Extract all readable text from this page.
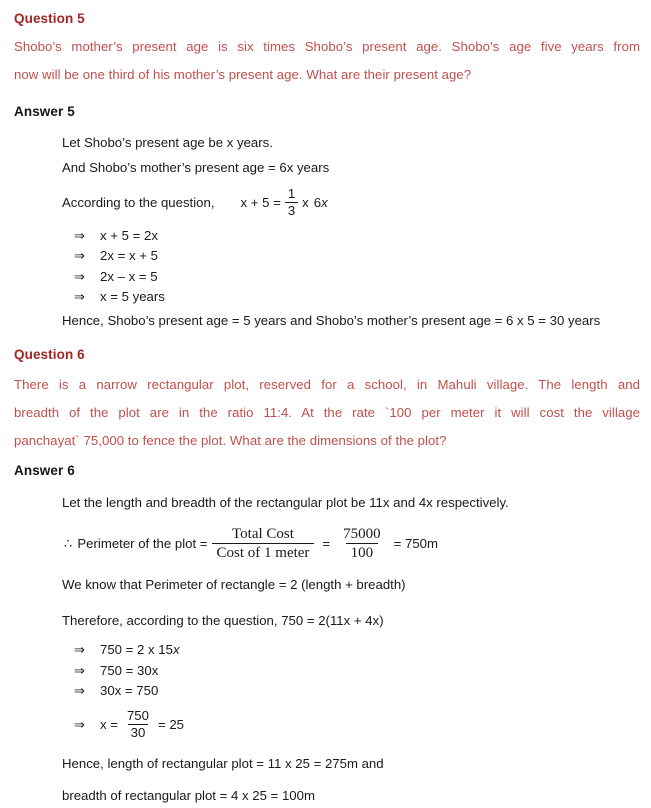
Question 5
Shobo’s mother’s present age is six times Shobo’s present age. Shobo’s age five years from
now will be one third of his mother’s present age. What are their present age?
Answer 5
Let Shobo’s present age be x years.
And Shobo’s mother’s present age = 6x years
According to the question, $x + 5 = \frac{1}{3}$ x 6 x
⇒	x + 5 = 2x
⇒	2x = x + 5
⇒	2x – x = 5
⇒	x = 5 years
Hence, Shobo’s present age = 5 years and Shobo’s mother’s present age = 6 x 5 = 30 years
Question 6
There is a narrow rectangular plot, reserved for a school, in Mahuli village. The length and
breadth of the plot are in the ratio 11:4. At the rate `100 per meter it will cost the village
panchayat` 75,000 to fence the plot. What are the dimensions of the plot?
Answer 6
Let the length and breadth of the rectangular plot be 11x and 4x respectively.
∴ Perimeter of the plot = $\frac{\text{Total Cost}}{\text{Cost of 1 meter}} = \frac{75000}{100} = 750m$
We know that Perimeter of rectangle = 2 (length + breadth)
Therefore, according to the question, 750 = 2(11x + 4x)
⇒	750 = 2 x 15 x
⇒	750 = 30x
⇒	30x = 750
⇒	$x = \frac{750}{30} = 25$
Hence, length of rectangular plot = 11 x 25 = 275m and
breadth of rectangular plot = 4 x 25 = 100m
